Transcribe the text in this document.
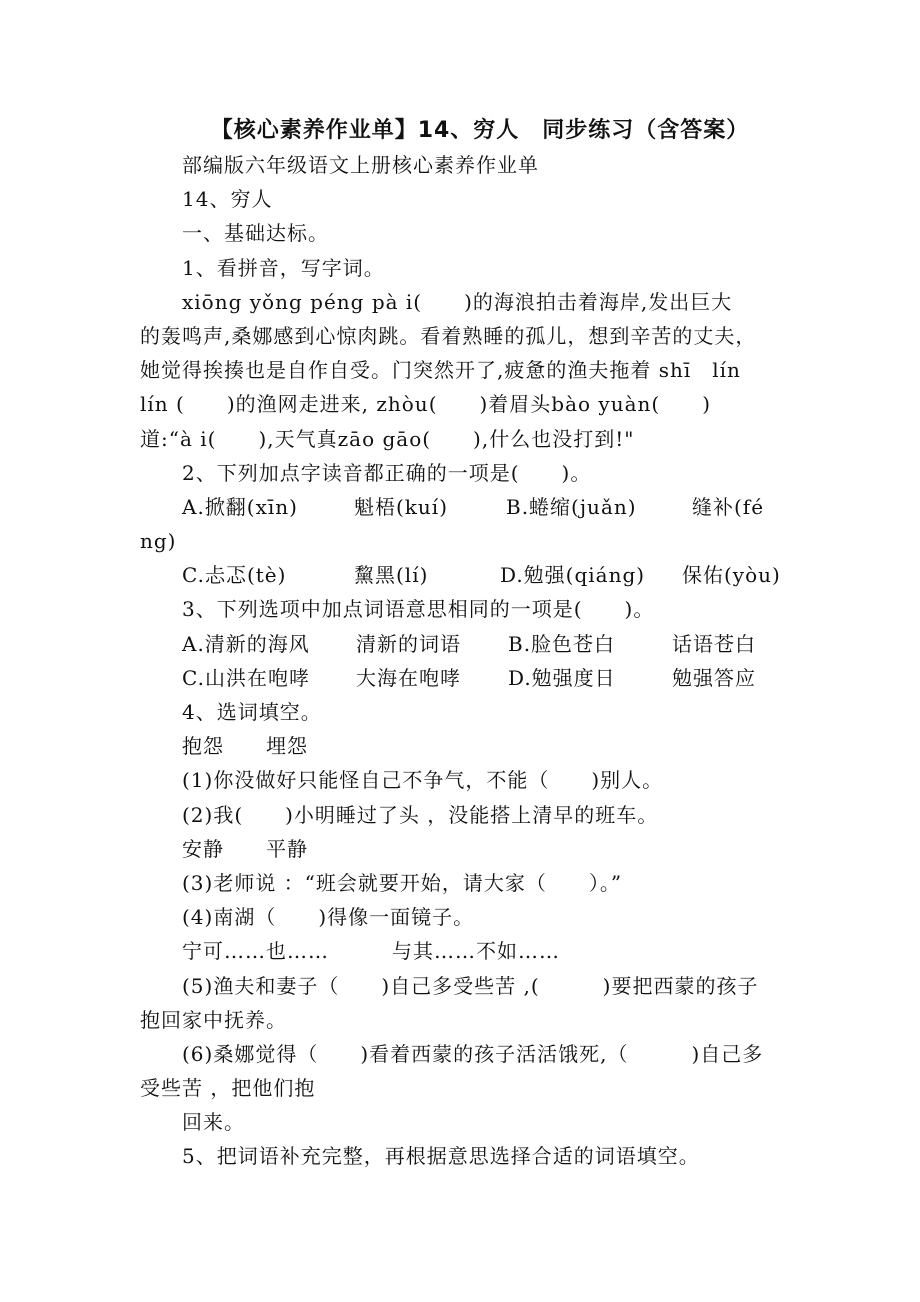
【核心素养作业单】14、穷人　同步练习（含答案）
部编版六年级语文上册核心素养作业单
14、穷人
一、基础达标。
1、看拼音，写字词。
xiōng yǒng péng pà i(　　)的海浪拍击着海岸,发出巨大
的轰鸣声,桑娜感到心惊肉跳。看着熟睡的孤儿，想到辛苦的丈夫，
她觉得挨揍也是自作自受。门突然开了,疲惫的渔夫拖着 shī　lín
lín (　　)的渔网走进来, zhòu(　　)着眉头bào yuàn(　　)
道:“à i(　　),天气真zāo gāo(　　),什么也没打到!"
2、下列加点字读音都正确的一项是(　　)。
A.掀翻(xīn)	魁梧(kuí)	B.蜷缩(juǎn)	缝补(fé
ng)
C.忐忑(tè)	黧黑(lí)	D.勉强(qiáng)	保佑(yòu)
3、下列选项中加点词语意思相同的一项是(　　)。
A.清新的海风	清新的词语	B.脸色苍白	话语苍白
C.山洪在咆哮	大海在咆哮	D.勉强度日	勉强答应
4、选词填空。
抱怨　　埋怨
(1)你没做好只能怪自己不争气，不能（　　)别人。
(2)我(　　)小明睡过了头 ，没能搭上清早的班车。
安静　　平静
(3)老师说 ：“班会就要开始，请大家（　　）。”
(4)南湖（　　)得像一面镜子。
宁可……也……　　　与其……不如……
(5)渔夫和妻子（　　)自己多受些苦 ,(　　　)要把西蒙的孩子
抱回家中抚养。
(6)桑娜觉得（　　)看着西蒙的孩子活活饿死,（　　　)自己多
受些苦 ，把他们抱
回来。
5、把词语补充完整，再根据意思选择合适的词语填空。
